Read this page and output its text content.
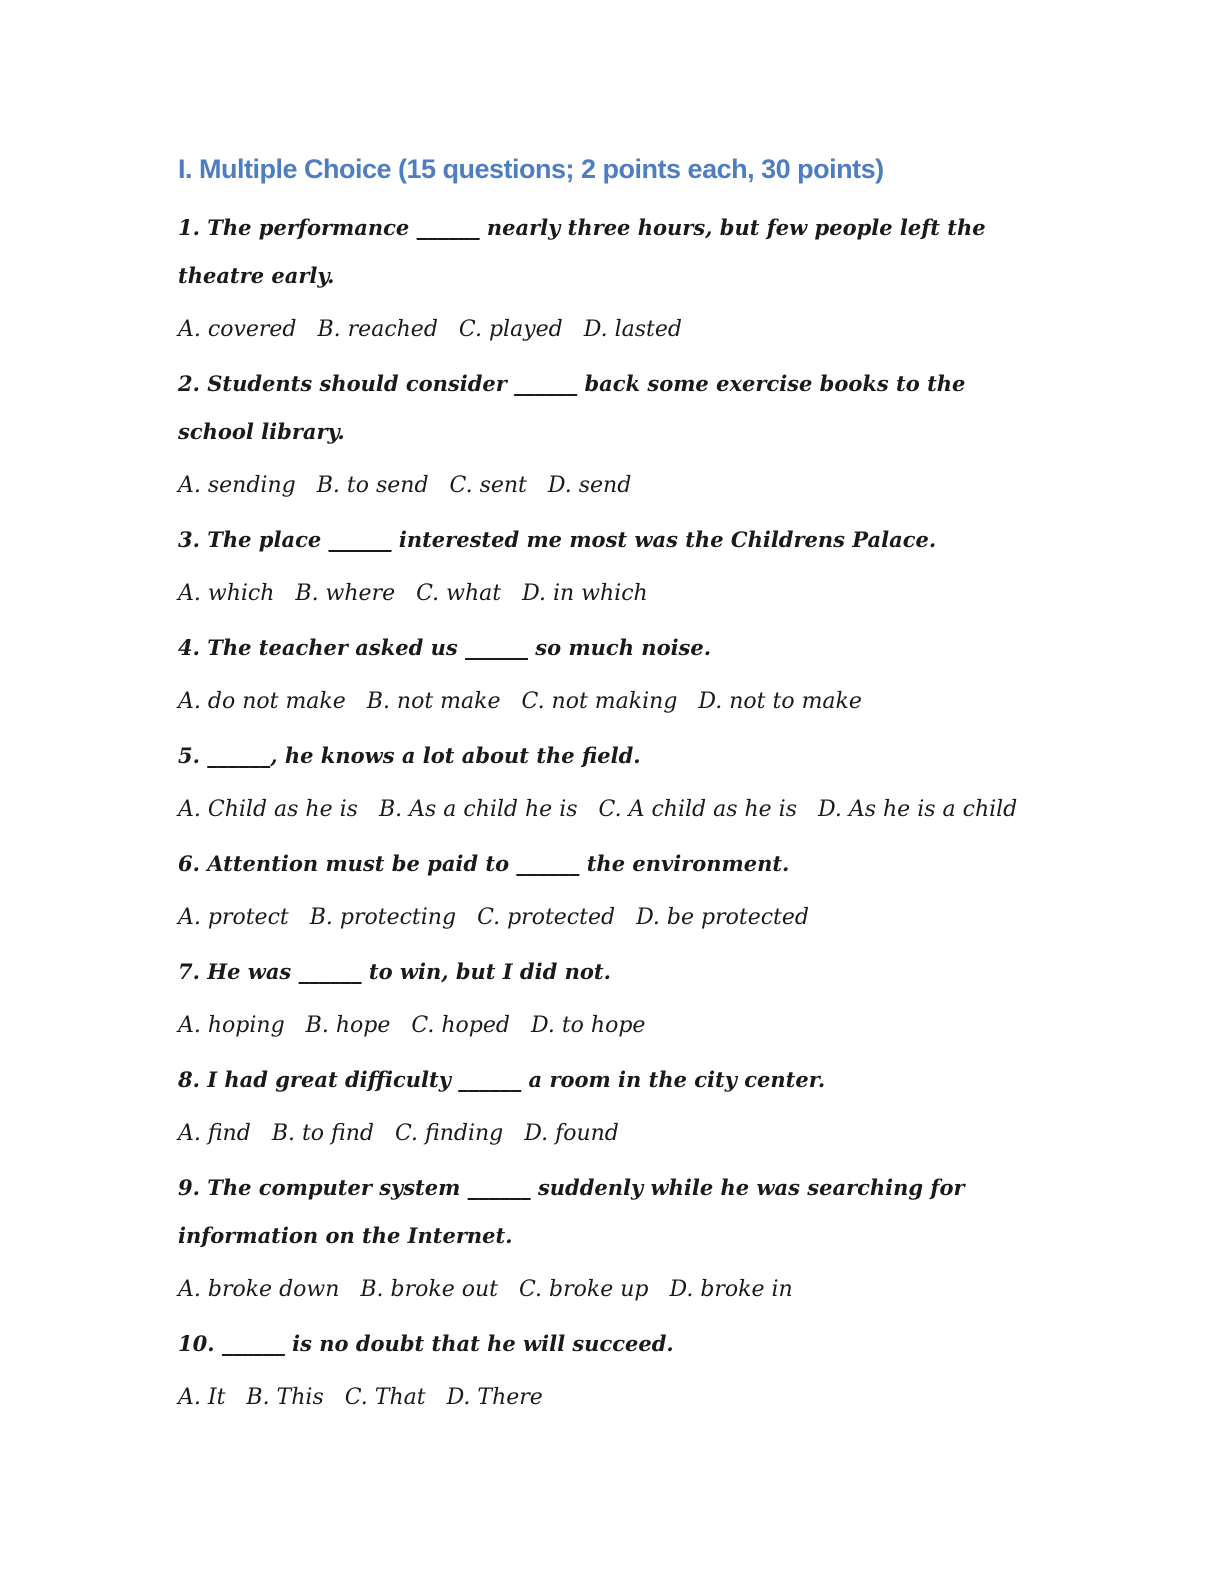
I. Multiple Choice (15 questions; 2 points each, 30 points)

1. The performance ______ nearly three hours, but few people left the theatre early.

A. covered B. reached C. played D. lasted

2. Students should consider ______ back some exercise books to the school library.

A. sending B. to send C. sent D. send

3. The place ______ interested me most was the Childrens Palace.

A. which B. where C. what D. in which

4. The teacher asked us ______ so much noise.

A. do not make B. not make C. not making D. not to make

5. ______, he knows a lot about the field.

A. Child as he is B. As a child he is C. A child as he is D. As he is a child

6. Attention must be paid to ______ the environment.

A. protect B. protecting C. protected D. be protected

7. He was ______ to win, but I did not.

A. hoping B. hope C. hoped D. to hope

8. I had great difficulty ______ a room in the city center.

A. find B. to find C. finding D. found

9. The computer system ______ suddenly while he was searching for information on the Internet.

A. broke down B. broke out C. broke up D. broke in

10. ______ is no doubt that he will succeed.

A. It B. This C. That D. There
